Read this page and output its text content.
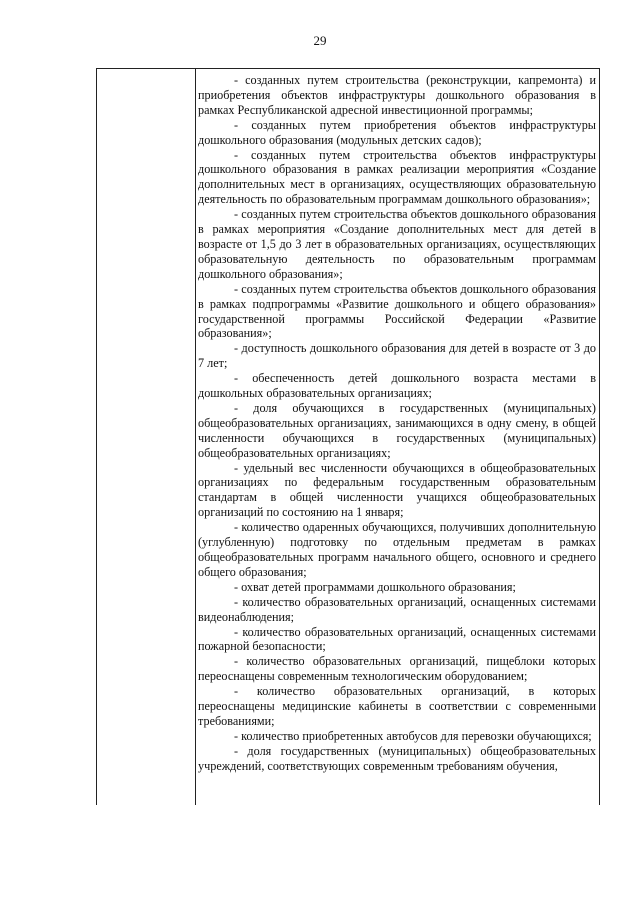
29

- созданных путем строительства (реконструкции, капремонта) и приобретения объектов инфраструктуры дошкольного образования в рамках Республиканской адресной инвестиционной программы;

- созданных путем приобретения объектов инфраструктуры дошкольного образования (модульных детских садов);

- созданных путем строительства объектов инфраструктуры дошкольного образования в рамках реализации мероприятия «Создание дополнительных мест в организациях, осуществляющих образовательную деятельность по образовательным программам дошкольного образования»;

- созданных путем строительства объектов дошкольного образования в рамках мероприятия «Создание дополнительных мест для детей в возрасте от 1,5 до 3 лет в образовательных организациях, осуществляющих образовательную деятельность по образовательным программам дошкольного образования»;

- созданных путем строительства объектов дошкольного образования в рамках подпрограммы «Развитие дошкольного и общего образования» государственной программы Российской Федерации «Развитие образования»;

- доступность дошкольного образования для детей в возрасте от 3 до 7 лет;

- обеспеченность детей дошкольного возраста местами в дошкольных образовательных организациях;

- доля обучающихся в государственных (муниципальных) общеобразовательных организациях, занимающихся в одну смену, в общей численности обучающихся в государственных (муниципальных) общеобразовательных организациях;

- удельный вес численности обучающихся в общеобразовательных организациях по федеральным государственным образовательным стандартам в общей численности учащихся общеобразовательных организаций по состоянию на 1 января;

- количество одаренных обучающихся, получивших дополнительную (углубленную) подготовку по отдельным предметам в рамках общеобразовательных программ начального общего, основного и среднего общего образования;

- охват детей программами дошкольного образования;

- количество образовательных организаций, оснащенных системами видеонаблюдения;

- количество образовательных организаций, оснащенных системами пожарной безопасности;

- количество образовательных организаций, пищеблоки которых переоснащены современным технологическим оборудованием;

- количество образовательных организаций, в которых переоснащены медицинские кабинеты в соответствии с современными требованиями;

- количество приобретенных автобусов для перевозки обучающихся;

- доля государственных (муниципальных) общеобразовательных учреждений, соответствующих современным требованиям обучения,
